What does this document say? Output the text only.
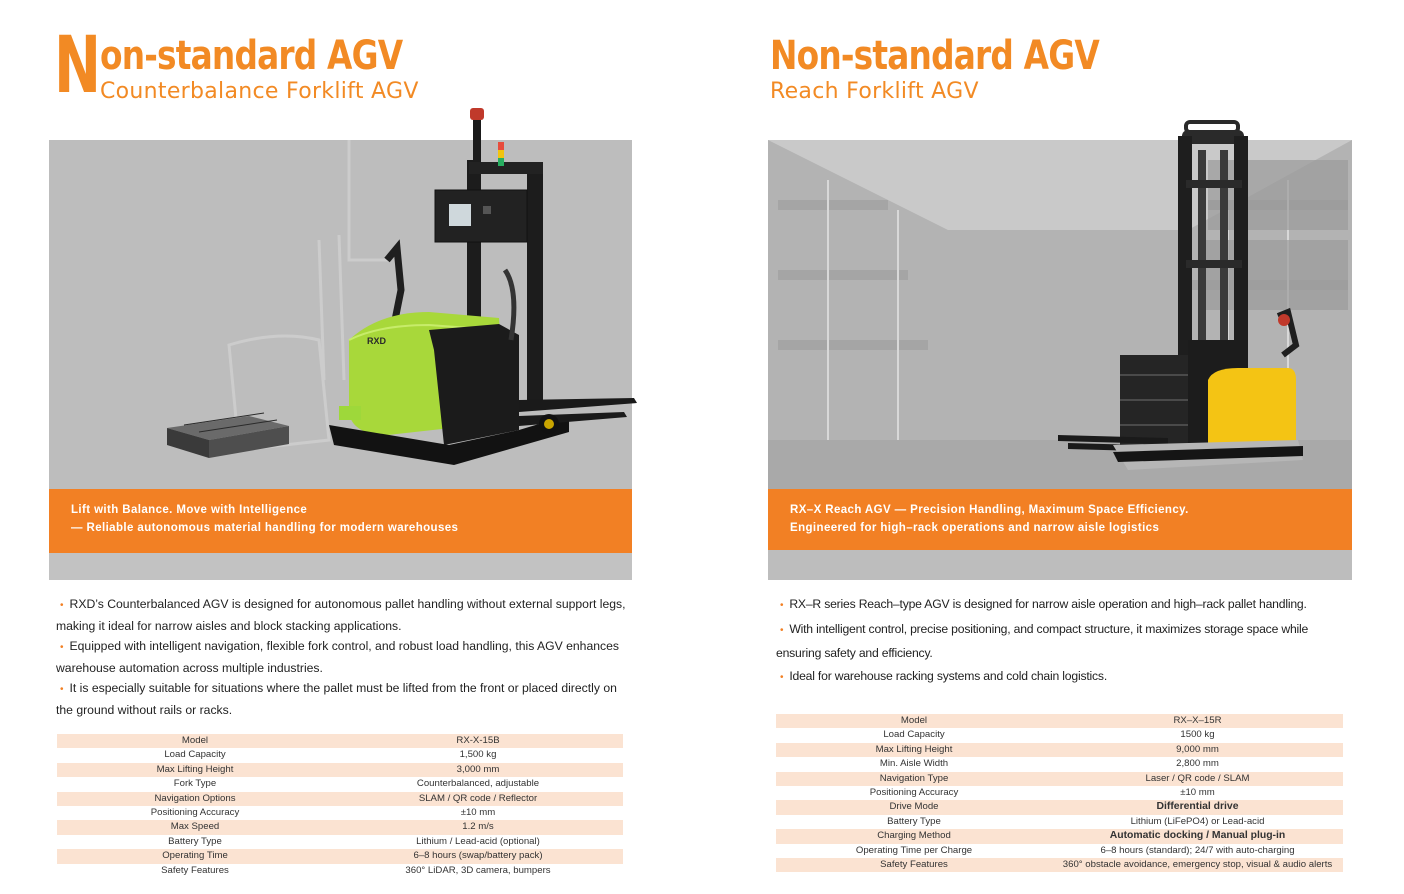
N
on-standard AGV
Counterbalance Forklift AGV
RXD
Lift with Balance. Move with Intelligence
— Reliable autonomous material handling for modern warehouses
• RXD’s Counterbalanced AGV is designed for autonomous pallet handling without external support legs, making it ideal for narrow aisles and block stacking applications.
• Equipped with intelligent navigation, flexible fork control, and robust load handling, this AGV enhances warehouse automation across multiple industries.
• It is especially suitable for situations where the pallet must be lifted from the front or placed directly on the ground without rails or racks.
Model	RX-X-15B
Load Capacity	1,500 kg
Max Lifting Height	3,000 mm
Fork Type	Counterbalanced, adjustable
Navigation Options	SLAM / QR code / Reflector
Positioning Accuracy	±10 mm
Max Speed	1.2 m/s
Battery Type	Lithium / Lead-acid (optional)
Operating Time	6–8 hours (swap/battery pack)
Safety Features	360° LiDAR, 3D camera, bumpers
Non-standard AGV
Reach Forklift AGV
RX–X Reach AGV — Precision Handling, Maximum Space Efficiency.
Engineered for high–rack operations and narrow aisle logistics
• RX–R series Reach–type AGV is designed for narrow aisle operation and high–rack pallet handling.
• With intelligent control, precise positioning, and compact structure, it maximizes storage space while ensuring safety and efficiency.
• Ideal for warehouse racking systems and cold chain logistics.
Model	RX–X–15R
Load Capacity	1500 kg
Max Lifting Height	9,000 mm
Min. Aisle Width	2,800 mm
Navigation Type	Laser / QR code / SLAM
Positioning Accuracy	±10 mm
Drive Mode	Differential drive
Battery Type	Lithium (LiFePO4) or Lead-acid
Charging Method	Automatic docking / Manual plug-in
Operating Time per Charge	6–8 hours (standard); 24/7 with auto-charging
Safety Features	360° obstacle avoidance, emergency stop, visual & audio alerts
